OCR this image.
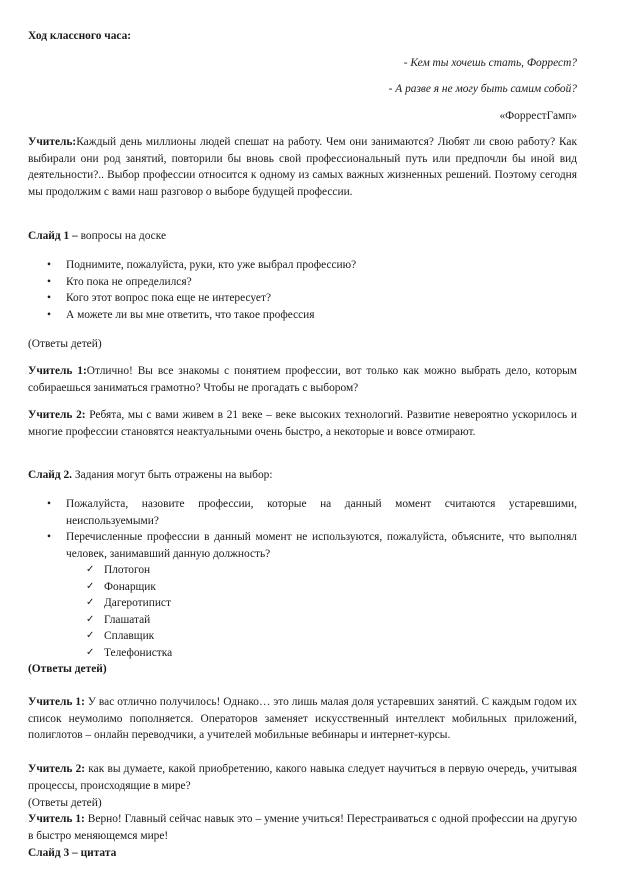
Ход классного часа:

- Кем ты хочешь стать, Форрест?

- А разве я не могу быть самим собой?

«ФоррестГамп»

Учитель:Каждый день миллионы людей спешат на работу. Чем они занимаются? Любят ли свою работу? Как выбирали они род занятий, повторили бы вновь свой профессиональный путь или предпочли бы иной вид деятельности?.. Выбор профессии относится к одному из самых важных жизненных решений. Поэтому сегодня мы продолжим с вами наш разговор о выборе будущей профессии.

Слайд 1 – вопросы на доске

• Поднимите, пожалуйста, руки, кто уже выбрал профессию?
• Кто пока не определился?
• Кого этот вопрос пока еще не интересует?
• А можете ли вы мне ответить, что такое профессия

(Ответы детей)

Учитель 1:Отлично! Вы все знакомы с понятием профессии, вот только как можно выбрать дело, которым собираешься заниматься грамотно? Чтобы не прогадать с выбором?

Учитель 2: Ребята, мы с вами живем в 21 веке – веке высоких технологий. Развитие невероятно ускорилось и многие профессии становятся неактуальными очень быстро, а некоторые и вовсе отмирают.

Слайд 2. Задания могут быть отражены на выбор:

• Пожалуйста, назовите профессии, которые на данный момент считаются устаревшими, неиспользуемыми?
• Перечисленные профессии в данный момент не используются, пожалуйста, объясните, что выполнял человек, занимавший данную должность?
✓ Плотогон
✓ Фонарщик
✓ Дагеротипист
✓ Глашатай
✓ Сплавщик
✓ Телефонистка

(Ответы детей)

Учитель 1: У вас отлично получилось! Однако… это лишь малая доля устаревших занятий. С каждым годом их список неумолимо пополняется. Операторов заменяет искусственный интеллект мобильных приложений, полиглотов – онлайн переводчики, а учителей мобильные вебинары и интернет-курсы.

Учитель 2: как вы думаете, какой приобретению, какого навыка следует научиться в первую очередь, учитывая процессы, происходящие в мире?

(Ответы детей)

Учитель 1: Верно! Главный сейчас навык это – умение учиться! Перестраиваться с одной профессии на другую в быстро меняющемся мире!

Слайд 3 – цитата
